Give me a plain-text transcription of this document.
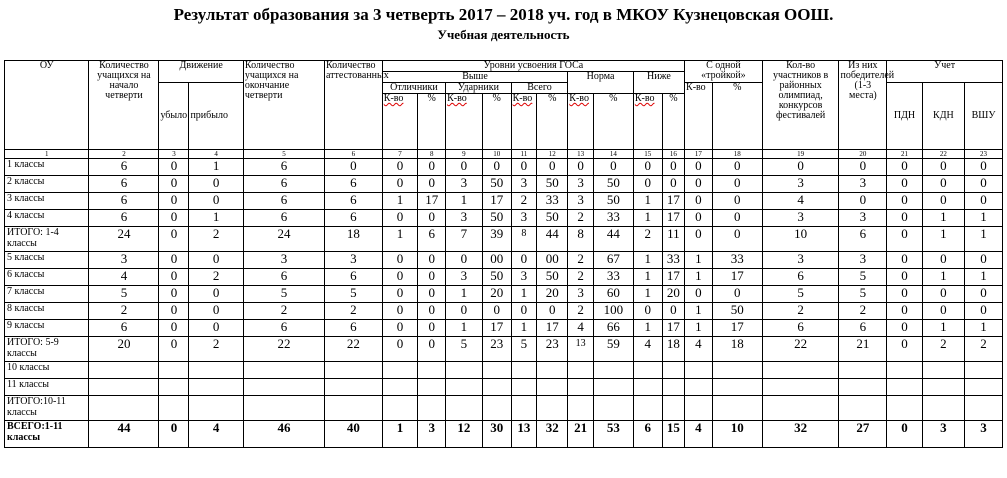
Результат образования за 3 четверть 2017 – 2018 уч. год в МКОУ Кузнецовская ООШ.
Учебная деятельность
ОУ	Количество учащихся на начало четверти	Движение		Количество учащихся на окончание четверти	Количество аттестованных	Уровни усвоения ГОСа										С одной «тройкой»		Кол-во участников в районных олимпиад, конкурсов фестивалей	Из них победителей (1-3 места)	Учет		
						Выше						Норма		Ниже								
		убыло	прибыло			Отличники		Ударники		Всего						К-во	%			ПДН	КДН	ВШУ
						К-во	%	К-во	%	К-во	%	К-во	%	К-во	%							
1	2	3	4	5	6	7	8	9	10	11	12	13	14	15	16	17	18	19	20	21	22	23
1 классы	6	0	1	6	0	0	0	0	0	0	0	0	0	0	0	0	0	0	0	0	0	0
2 классы	6	0	0	6	6	0	0	3	50	3	50	3	50	0	0	0	0	3	3	0	0	0
3 классы	6	0	0	6	6	1	17	1	17	2	33	3	50	1	17	0	0	4	0	0	0	0
4 классы	6	0	1	6	6	0	0	3	50	3	50	2	33	1	17	0	0	3	3	0	1	1
ИТОГО: 1-4 классы	24	0	2	24	18	1	6	7	39	8	44	8	44	2	11	0	0	10	6	0	1	1
5 классы	3	0	0	3	3	0	0	0	00	0	00	2	67	1	33	1	33	3	3	0	0	0
6 классы	4	0	2	6	6	0	0	3	50	3	50	2	33	1	17	1	17	6	5	0	1	1
7 классы	5	0	0	5	5	0	0	1	20	1	20	3	60	1	20	0	0	5	5	0	0	0
8 классы	2	0	0	2	2	0	0	0	0	0	0	2	100	0	0	1	50	2	2	0	0	0
9 классы	6	0	0	6	6	0	0	1	17	1	17	4	66	1	17	1	17	6	6	0	1	1
ИТОГО: 5-9 классы	20	0	2	22	22	0	0	5	23	5	23	13	59	4	18	4	18	22	21	0	2	2
10 классы																						
11 классы																						
ИТОГО:10-11 классы																						
ВСЕГО:1-11 классы	44	0	4	46	40	1	3	12	30	13	32	21	53	6	15	4	10	32	27	0	3	3
